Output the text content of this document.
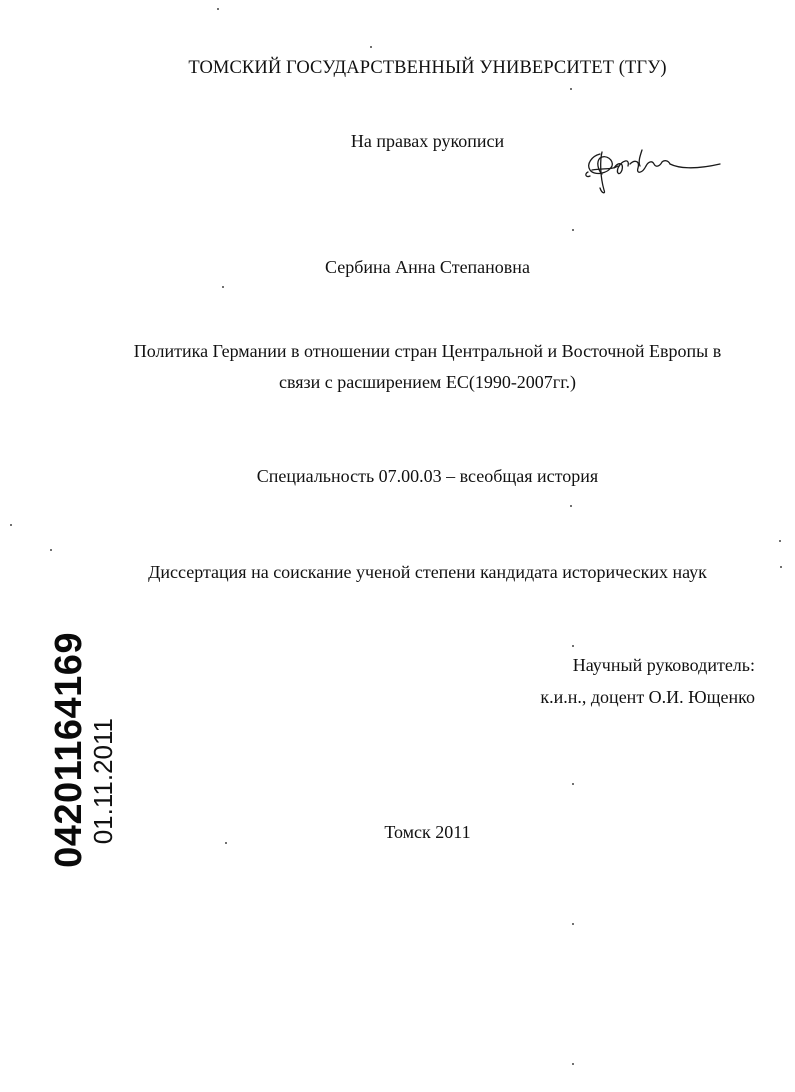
ТОМСКИЙ ГОСУДАРСТВЕННЫЙ УНИВЕРСИТЕТ (ТГУ)
На правах рукописи
Сербина Анна Степановна
Политика Германии в отношении стран Центральной и Восточной Европы в
связи с расширением ЕС(1990-2007гг.)
Специальность 07.00.03 – всеобщая история
Диссертация на соискание ученой степени кандидата исторических наук
Научный руководитель:
к.и.н., доцент О.И. Ющенко
Томск 2011
04201164169
01.11.2011
